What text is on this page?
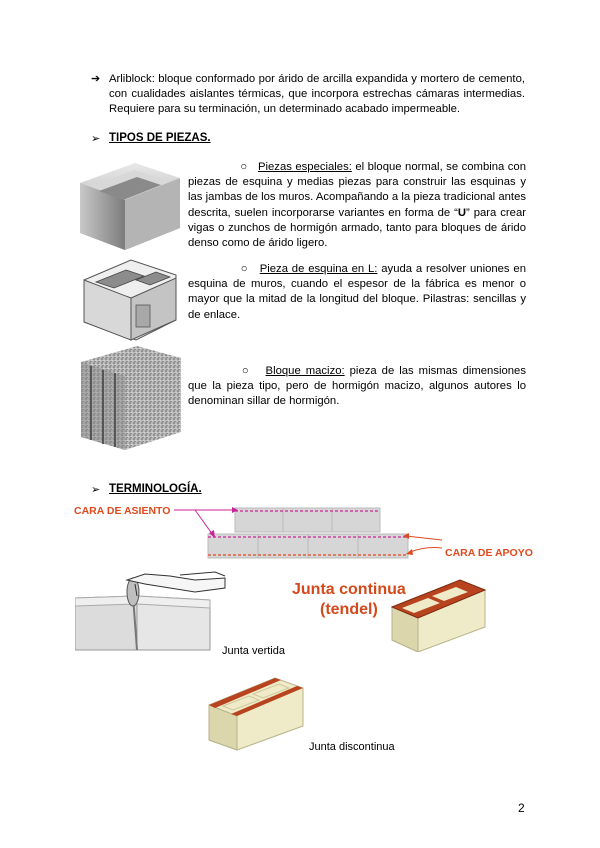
➔ Arliblock: bloque conformado por árido de arcilla expandida y mortero de cemento, con cualidades aislantes térmicas, que incorpora estrechas cámaras intermedias. Requiere para su terminación, un determinado acabado impermeable.
➢ TIPOS DE PIEZAS.
○ Piezas especiales: el bloque normal, se combina con piezas de esquina y medias piezas para construir las esquinas y las jambas de los muros. Acompañando a la pieza tradicional antes descrita, suelen incorporarse variantes en forma de “U” para crear vigas o zunchos de hormigón armado, tanto para bloques de árido denso como de árido ligero.
○ Pieza de esquina en L: ayuda a resolver uniones en esquina de muros, cuando el espesor de la fábrica es menor o mayor que la mitad de la longitud del bloque. Pilastras: sencillas y de enlace.
○ Bloque macizo: pieza de las mismas dimensiones que la pieza tipo, pero de hormigón macizo, algunos autores lo denominan sillar de hormigón.
➢ TERMINOLOGÍA.
CARA DE ASIENTO
CARA DE APOYO
Junta vertida
Junta continua
(tendel)
Junta discontinua
2
